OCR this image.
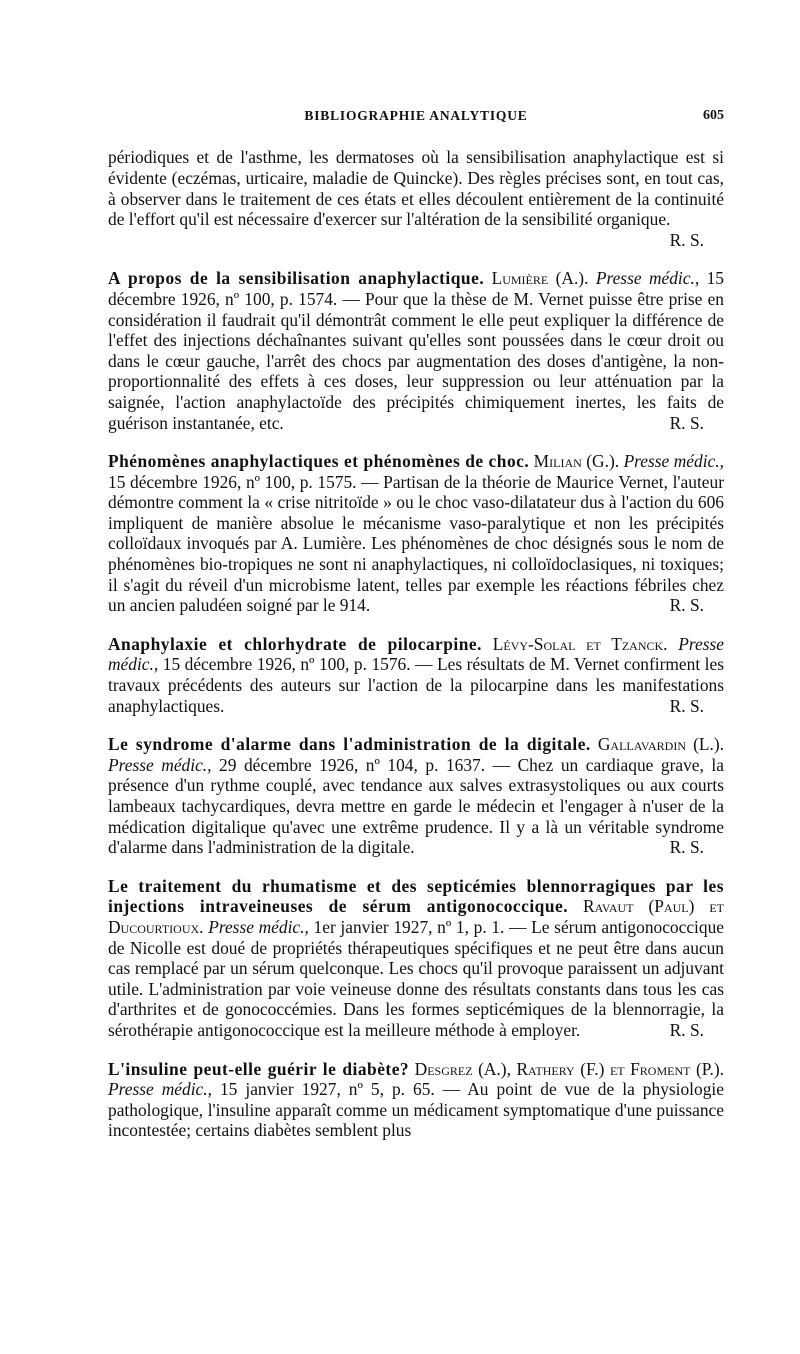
BIBLIOGRAPHIE ANALYTIQUE	605

périodiques et de l'asthme, les dermatoses où la sensibilisation anaphylactique est si évidente (eczémas, urticaire, maladie de Quincke). Des règles précises sont, en tout cas, à observer dans le traitement de ces états et elles découlent entièrement de la continuité de l'effort qu'il est nécessaire d'exercer sur l'altération de la sensibilité organique.
R. S.

A propos de la sensibilisation anaphylactique. Lumière (A.). Presse médic., 15 décembre 1926, nº 100, p. 1574. — Pour que la thèse de M. Vernet puisse être prise en considération il faudrait qu'il démontrât comment le elle peut expliquer la différence de l'effet des injections déchaînantes suivant qu'elles sont poussées dans le cœur droit ou dans le cœur gauche, l'arrêt des chocs par augmentation des doses d'antigène, la non-proportionnalité des effets à ces doses, leur suppression ou leur atténuation par la saignée, l'action anaphylactoïde des précipités chimiquement inertes, les faits de guérison instantanée, etc.	R. S.

Phénomènes anaphylactiques et phénomènes de choc. Milian (G.). Presse médic., 15 décembre 1926, nº 100, p. 1575. — Partisan de la théorie de Maurice Vernet, l'auteur démontre comment la « crise nitritoïde » ou le choc vaso-dilatateur dus à l'action du 606 impliquent de manière absolue le mécanisme vaso-paralytique et non les précipités colloïdaux invoqués par A. Lumière. Les phénomènes de choc désignés sous le nom de phénomènes bio-tropiques ne sont ni anaphylactiques, ni colloïdoclasiques, ni toxiques; il s'agit du réveil d'un microbisme latent, telles par exemple les réactions fébriles chez un ancien paludéen soigné par le 914.	R. S.

Anaphylaxie et chlorhydrate de pilocarpine. Lévy-Solal et Tzanck. Presse médic., 15 décembre 1926, nº 100, p. 1576. — Les résultats de M. Vernet confirment les travaux précédents des auteurs sur l'action de la pilocarpine dans les manifestations anaphylactiques.	R. S.

Le syndrome d'alarme dans l'administration de la digitale. Gallavardin (L.). Presse médic., 29 décembre 1926, nº 104, p. 1637. — Chez un cardiaque grave, la présence d'un rythme couplé, avec tendance aux salves extrasystoliques ou aux courts lambeaux tachycardiques, devra mettre en garde le médecin et l'engager à n'user de la médication digitalique qu'avec une extrême prudence. Il y a là un véritable syndrome d'alarme dans l'administration de la digitale.	R. S.

Le traitement du rhumatisme et des septicémies blennorragiques par les injections intraveineuses de sérum antigonococcique. Ravaut (Paul) et Ducourtioux. Presse médic., 1er janvier 1927, nº 1, p. 1. — Le sérum antigonococcique de Nicolle est doué de propriétés thérapeutiques spécifiques et ne peut être dans aucun cas remplacé par un sérum quelconque. Les chocs qu'il provoque paraissent un adjuvant utile. L'administration par voie veineuse donne des résultats constants dans tous les cas d'arthrites et de gonococcémies. Dans les formes septicémiques de la blennorragie, la sérothérapie antigonococcique est la meilleure méthode à employer.	R. S.

L'insuline peut-elle guérir le diabète? Desgrez (A.), Rathery (F.) et Froment (P.). Presse médic., 15 janvier 1927, nº 5, p. 65. — Au point de vue de la physiologie pathologique, l'insuline apparaît comme un médicament symptomatique d'une puissance incontestée; certains diabètes semblent plus
